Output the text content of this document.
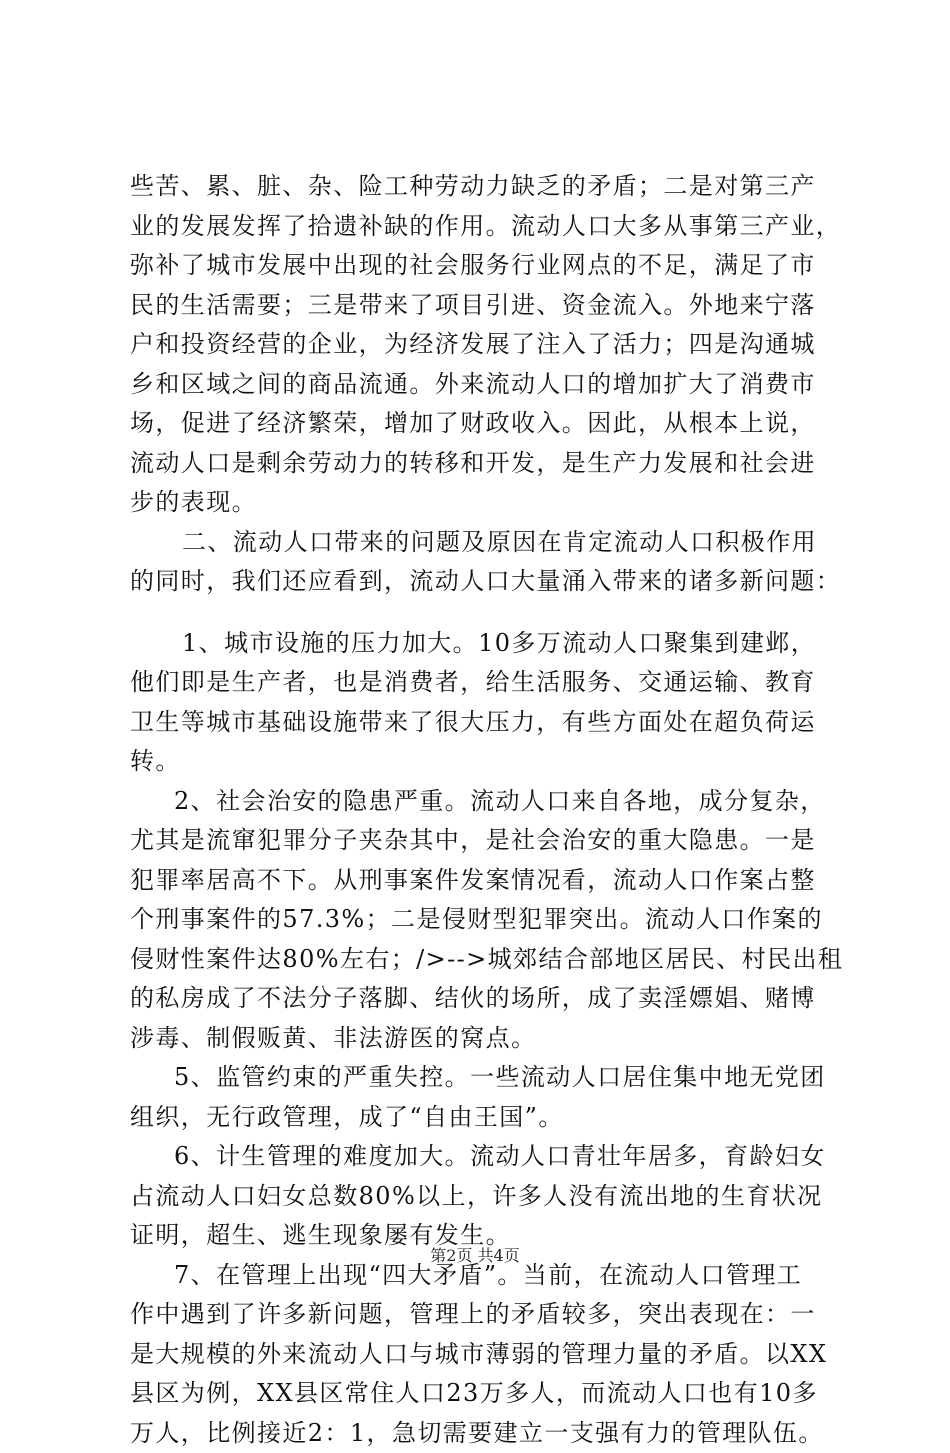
些苦、累、脏、杂、险工种劳动力缺乏的矛盾；二是对第三产
业的发展发挥了拾遗补缺的作用。流动人口大多从事第三产业，
弥补了城市发展中出现的社会服务行业网点的不足，满足了市
民的生活需要；三是带来了项目引进、资金流入。外地来宁落
户和投资经营的企业，为经济发展了注入了活力；四是沟通城
乡和区域之间的商品流通。外来流动人口的增加扩大了消费市
场，促进了经济繁荣，增加了财政收入。因此，从根本上说，
流动人口是剩余劳动力的转移和开发，是生产力发展和社会进
步的表现。
二、流动人口带来的问题及原因在肯定流动人口积极作用
的同时，我们还应看到，流动人口大量涌入带来的诸多新问题：
1、城市设施的压力加大。10多万流动人口聚集到建邺，
他们即是生产者，也是消费者，给生活服务、交通运输、教育
卫生等城市基础设施带来了很大压力，有些方面处在超负荷运
转。
2、社会治安的隐患严重。流动人口来自各地，成分复杂，
尤其是流窜犯罪分子夹杂其中，是社会治安的重大隐患。一是
犯罪率居高不下。从刑事案件发案情况看，流动人口作案占整
个刑事案件的57.3%；二是侵财型犯罪突出。流动人口作案的
侵财性案件达80%左右；/>-->城郊结合部地区居民、村民出租
的私房成了不法分子落脚、结伙的场所，成了卖淫嫖娼、赌博
涉毒、制假贩黄、非法游医的窝点。
5、监管约束的严重失控。一些流动人口居住集中地无党团
组织，无行政管理，成了“自由王国”。
6、计生管理的难度加大。流动人口青壮年居多，育龄妇女
占流动人口妇女总数80%以上，许多人没有流出地的生育状况
证明，超生、逃生现象屡有发生。
7、在管理上出现“四大矛盾”。当前，在流动人口管理工
作中遇到了许多新问题，管理上的矛盾较多，突出表现在：一
是大规模的外来流动人口与城市薄弱的管理力量的矛盾。以XX
县区为例，XX县区常住人口23万多人，而流动人口也有10多
万人，比例接近2：1，急切需要建立一支强有力的管理队伍。
第2页 共4页
